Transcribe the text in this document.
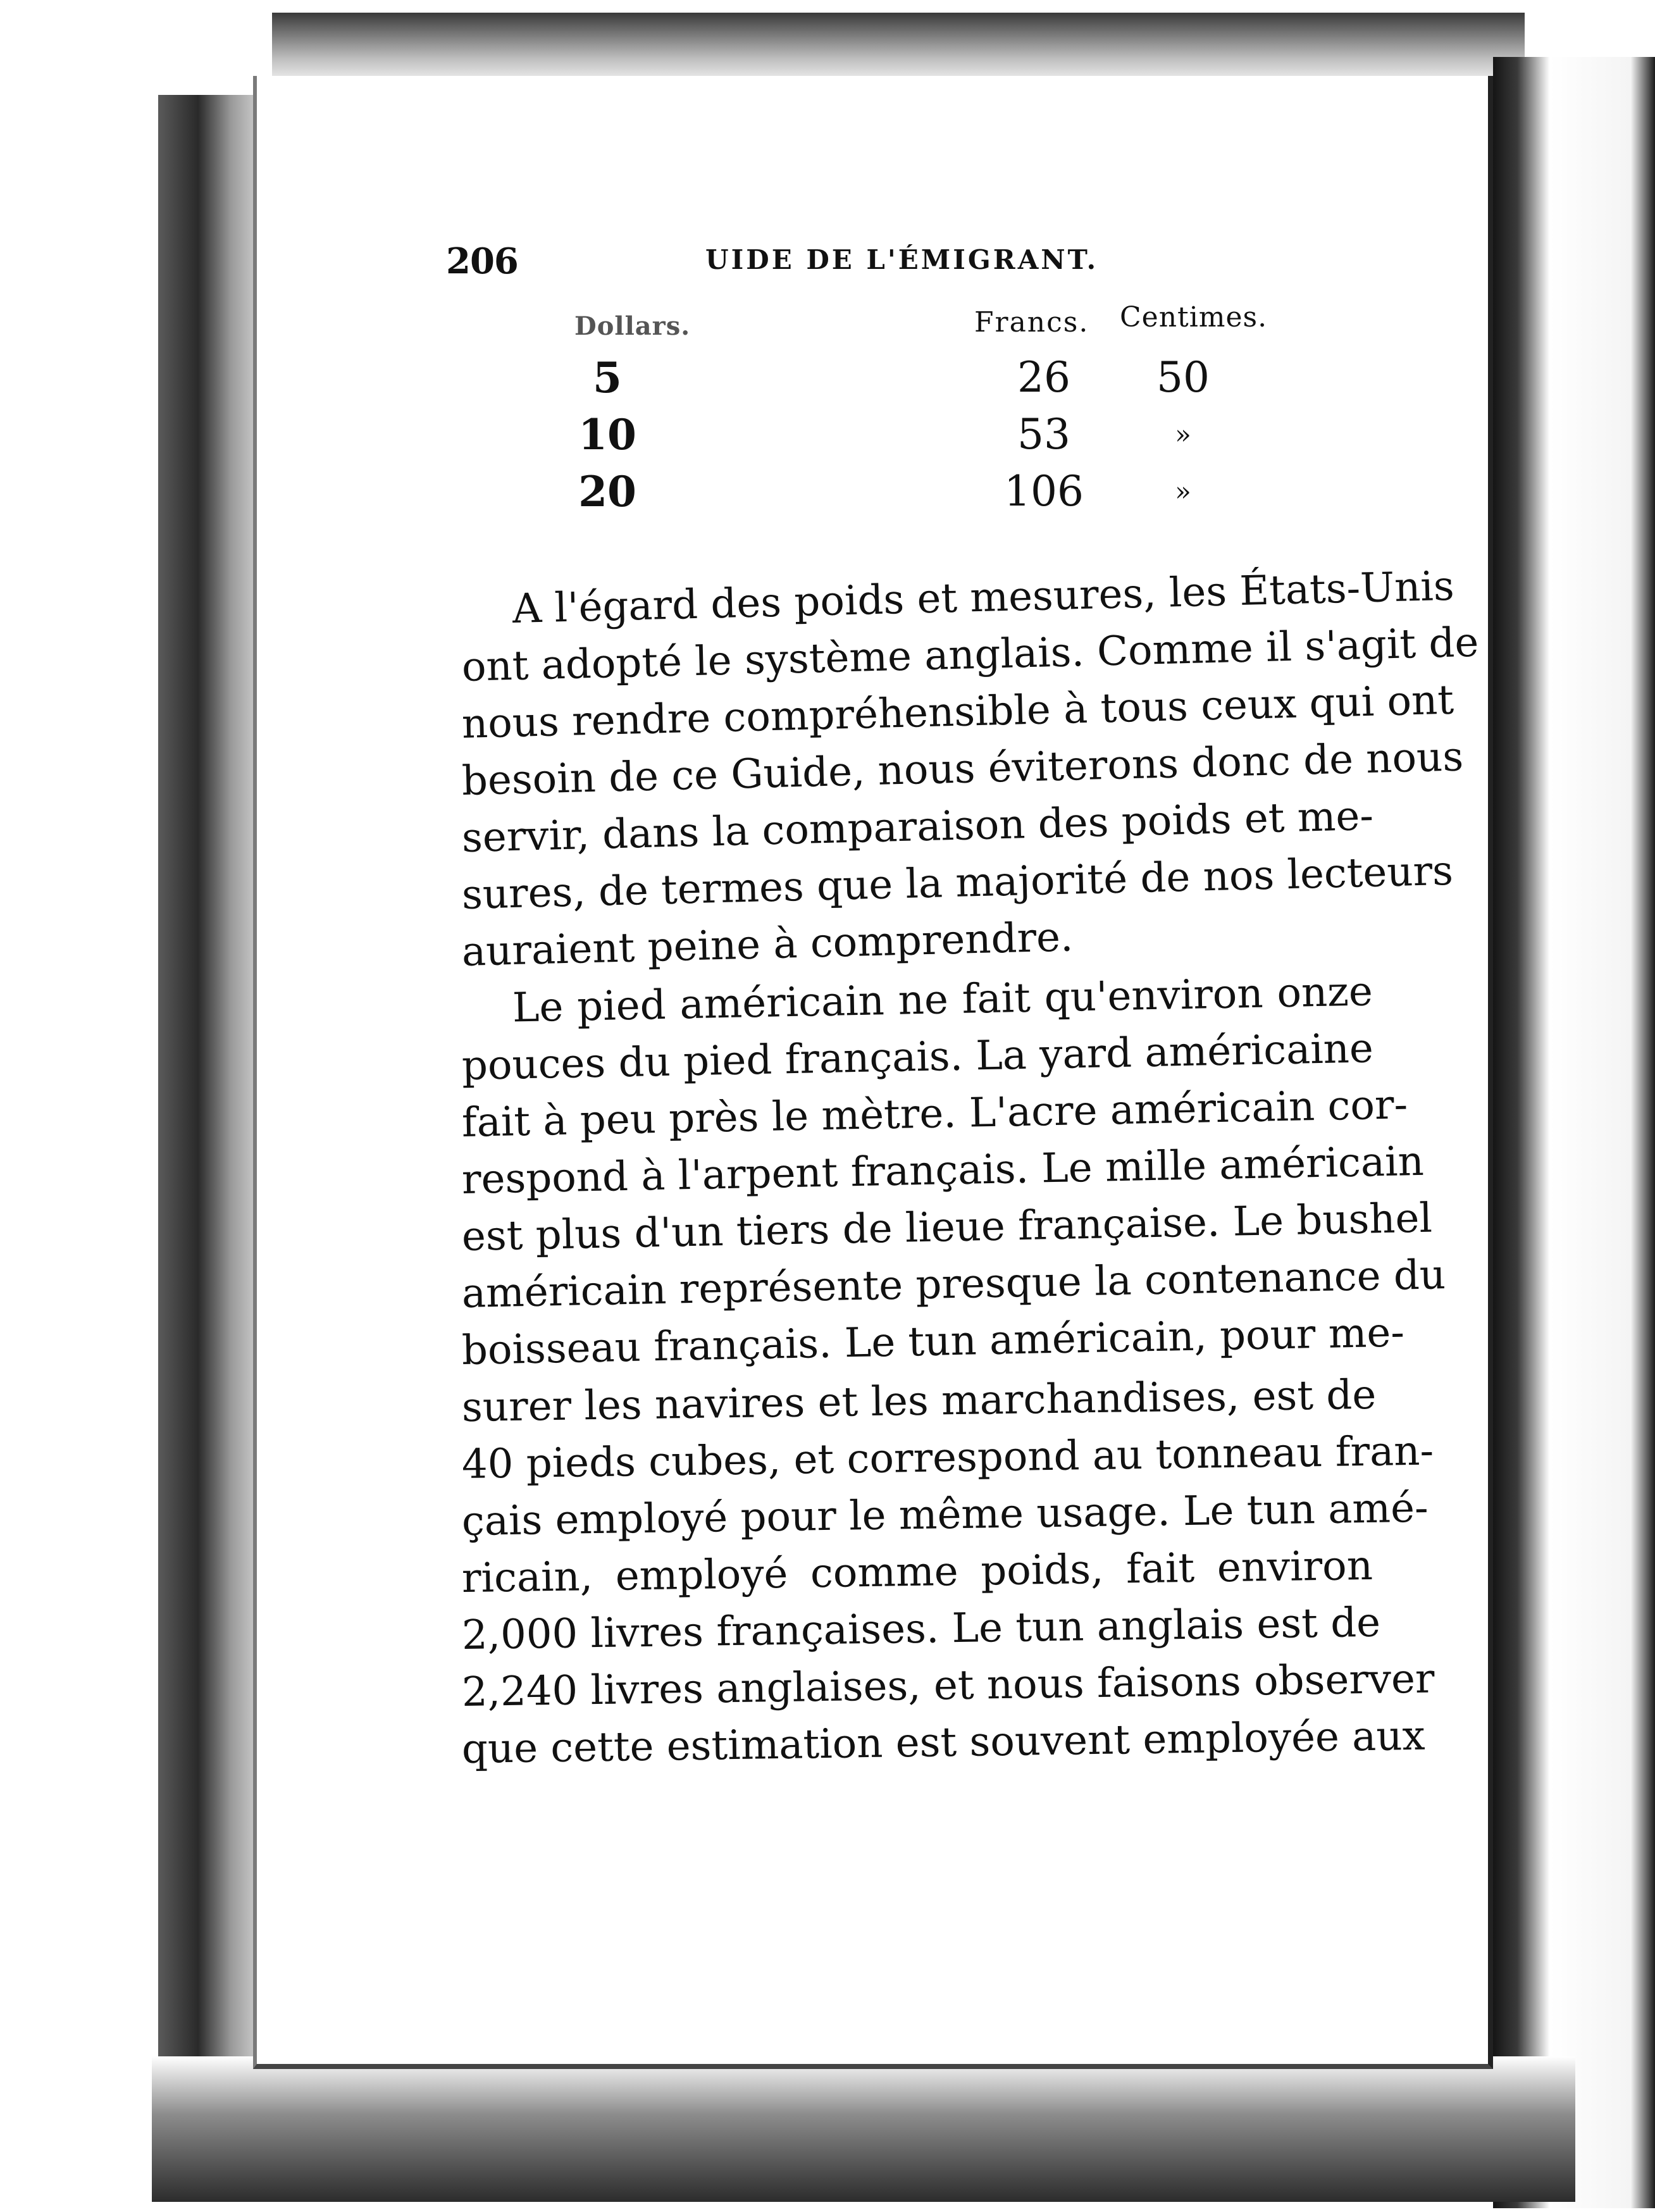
206	UIDE DE L'ÉMIGRANT.
Dollars.	Francs. Centimes.
5	26	50
10	53	»
20	106	»
A l'égard des poids et mesures, les États-Unis
ont adopté le système anglais. Comme il s'agit de
nous rendre compréhensible à tous ceux qui ont
besoin de ce Guide, nous éviterons donc de nous
servir, dans la comparaison des poids et me-
sures, de termes que la majorité de nos lecteurs
auraient peine à comprendre.
Le pied américain ne fait qu'environ onze
pouces du pied français. La yard américaine
fait à peu près le mètre. L'acre américain cor-
respond à l'arpent français. Le mille américain
est plus d'un tiers de lieue française. Le bushel
américain représente presque la contenance du
boisseau français. Le tun américain, pour me-
surer les navires et les marchandises, est de
40 pieds cubes, et correspond au tonneau fran-
çais employé pour le même usage. Le tun amé-
ricain, employé comme poids, fait environ
2,000 livres françaises. Le tun anglais est de
2,240 livres anglaises, et nous faisons observer
que cette estimation est souvent employée aux
